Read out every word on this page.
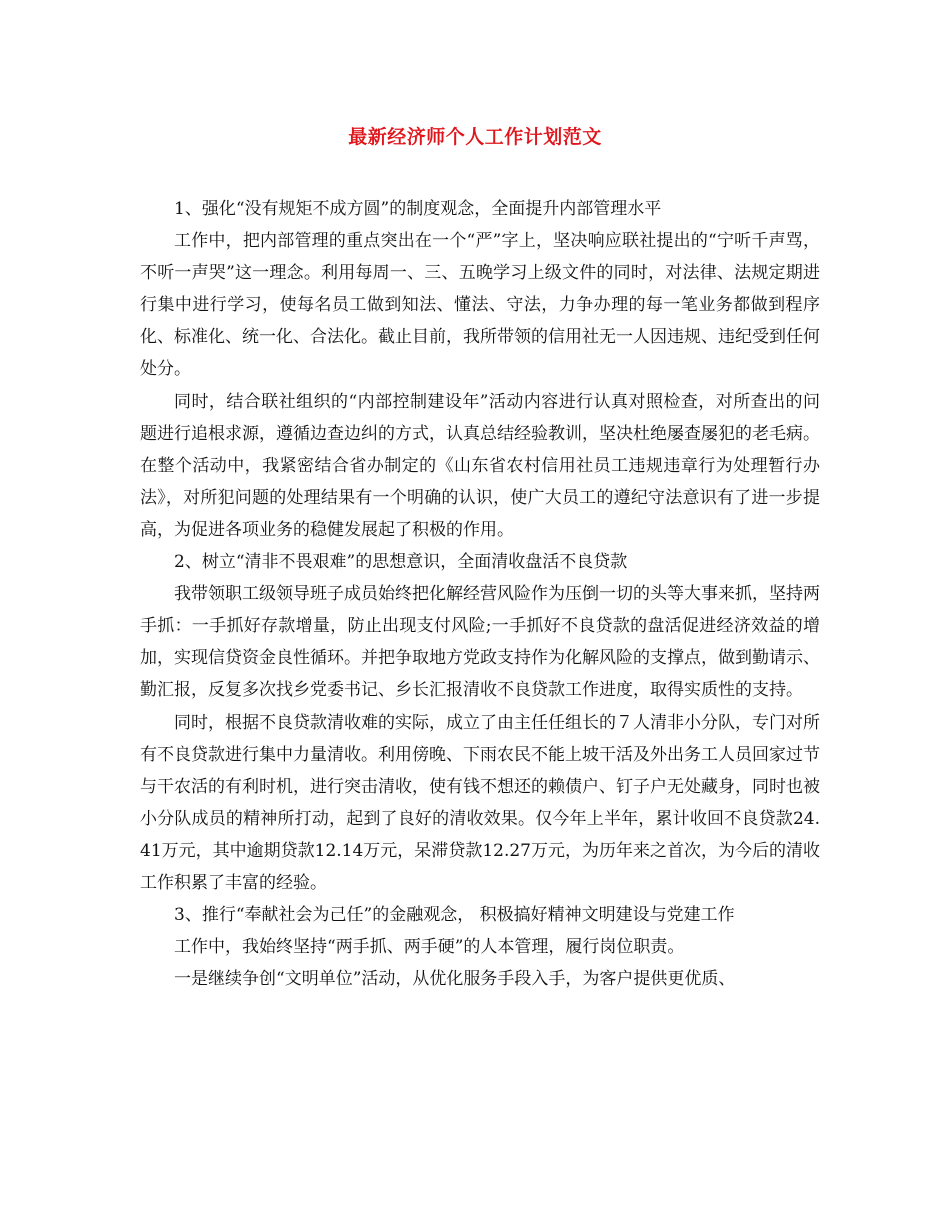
最新经济师个人工作计划范文

1、强化“没有规矩不成方圆”的制度观念，全面提升内部管理水平

工作中，把内部管理的重点突出在一个“严”字上，坚决响应联社提出的“宁听千声骂，不听一声哭”这一理念。利用每周一、三、五晚学习上级文件的同时，对法律、法规定期进行集中进行学习，使每名员工做到知法、懂法、守法，力争办理的每一笔业务都做到程序化、标准化、统一化、合法化。截止目前，我所带领的信用社无一人因违规、违纪受到任何处分。

同时，结合联社组织的“内部控制建设年”活动内容进行认真对照检查，对所查出的问题进行追根求源，遵循边查边纠的方式，认真总结经验教训，坚决杜绝屡查屡犯的老毛病。在整个活动中，我紧密结合省办制定的《山东省农村信用社员工违规违章行为处理暂行办法》，对所犯问题的处理结果有一个明确的认识，使广大员工的遵纪守法意识有了进一步提高，为促进各项业务的稳健发展起了积极的作用。

2、树立“清非不畏艰难”的思想意识，全面清收盘活不良贷款

我带领职工级领导班子成员始终把化解经营风险作为压倒一切的头等大事来抓，坚持两手抓：一手抓好存款增量，防止出现支付风险;一手抓好不良贷款的盘活促进经济效益的增加，实现信贷资金良性循环。并把争取地方党政支持作为化解风险的支撑点，做到勤请示、勤汇报，反复多次找乡党委书记、乡长汇报清收不良贷款工作进度，取得实质性的支持。

同时，根据不良贷款清收难的实际，成立了由主任任组长的７人清非小分队，专门对所有不良贷款进行集中力量清收。利用傍晚、下雨农民不能上坡干活及外出务工人员回家过节与干农活的有利时机，进行突击清收，使有钱不想还的赖债户、钉子户无处藏身，同时也被小分队成员的精神所打动，起到了良好的清收效果。仅今年上半年，累计收回不良贷款24.41万元，其中逾期贷款12.14万元，呆滞贷款12.27万元，为历年来之首次，为今后的清收工作积累了丰富的经验。

3、推行“奉献社会为己任”的金融观念， 积极搞好精神文明建设与党建工作

工作中，我始终坚持“两手抓、两手硬”的人本管理，履行岗位职责。

一是继续争创“文明单位”活动，从优化服务手段入手，为客户提供更优质、
